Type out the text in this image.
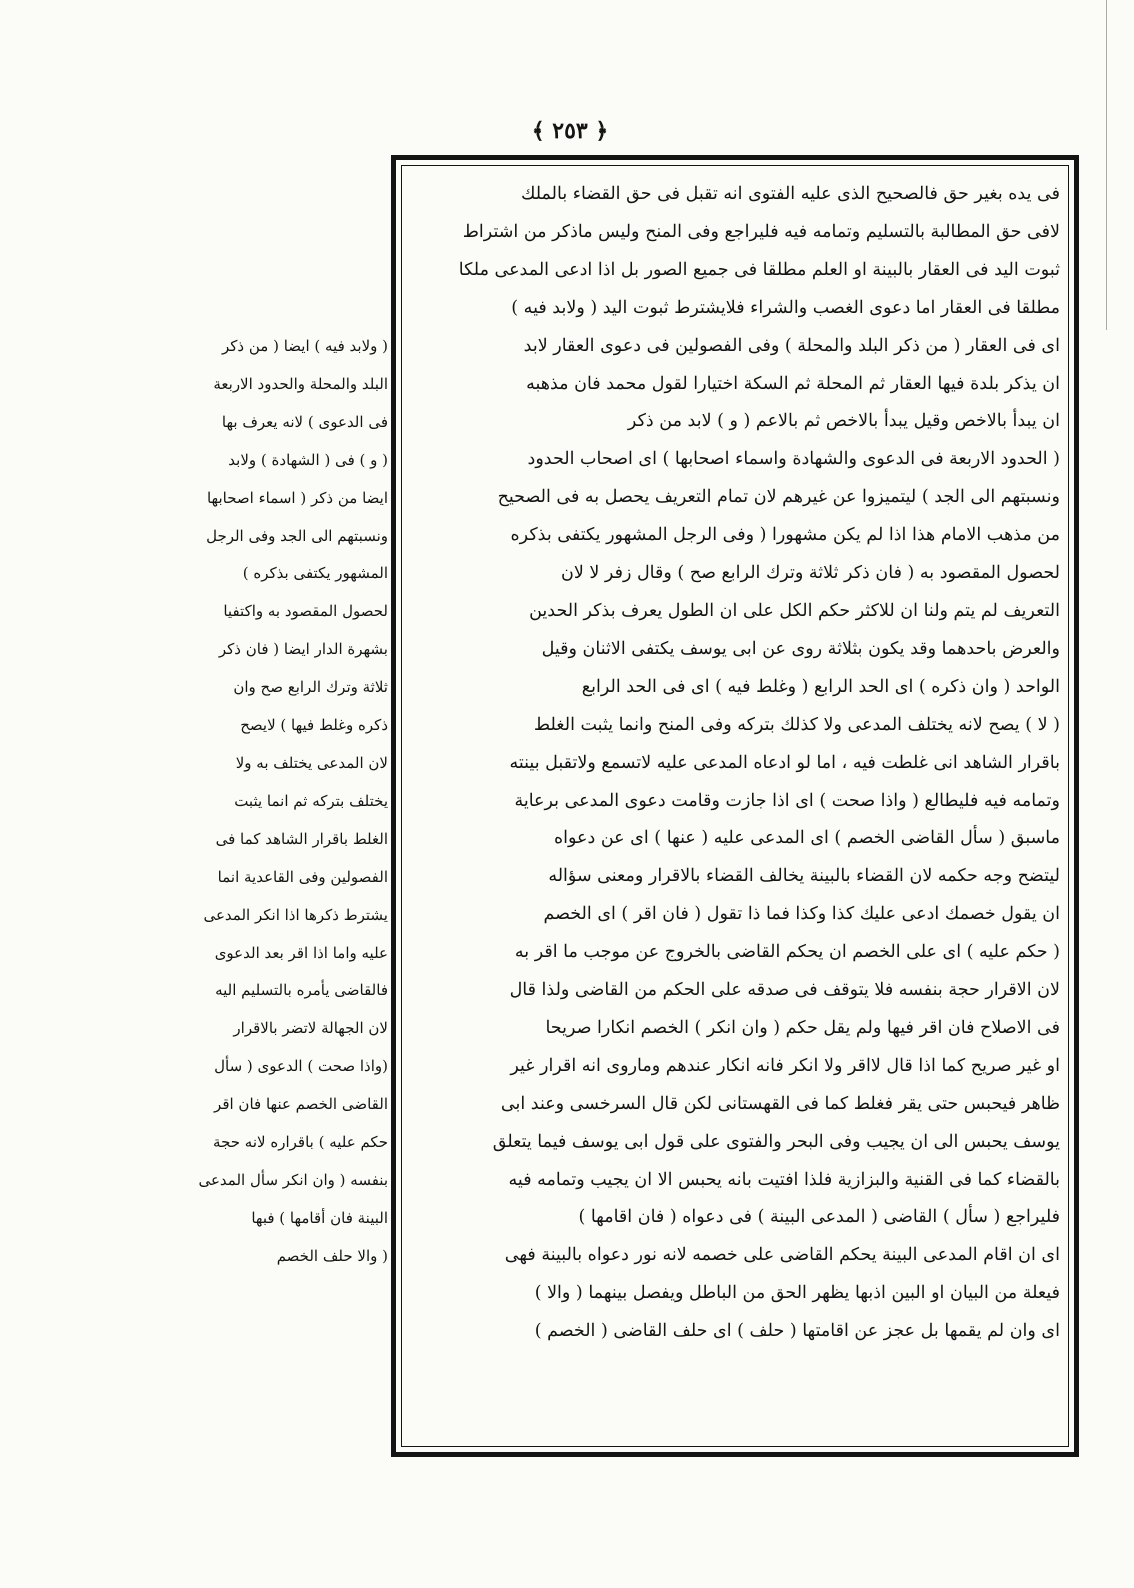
﴾ ٢٥٣ ﴿
فى يده بغير حق فالصحيح الذى عليه الفتوى انه تقبل فى حق القضاء بالملك
لافى حق المطالبة بالتسليم وتمامه فيه فليراجع وفى المنح وليس ماذكر من اشتراط
ثبوت اليد فى العقار بالبينة او العلم مطلقا فى جميع الصور بل اذا ادعى المدعى ملكا
مطلقا فى العقار اما دعوى الغصب والشراء فلايشترط ثبوت اليد ( ولابد فيه )
اى فى العقار ( من ذكر البلد والمحلة ) وفى الفصولين فى دعوى العقار لابد
ان يذكر بلدة فيها العقار ثم المحلة ثم السكة اختيارا لقول محمد فان مذهبه
ان يبدأ بالاخص وقيل يبدأ بالاخص ثم بالاعم ( و ) لابد من ذكر
( الحدود الاربعة فى الدعوى والشهادة واسماء اصحابها ) اى اصحاب الحدود
ونسبتهم الى الجد ) ليتميزوا عن غيرهم لان تمام التعريف يحصل به فى الصحيح
من مذهب الامام هذا اذا لم يكن مشهورا ( وفى الرجل المشهور يكتفى بذكره
لحصول المقصود به ( فان ذكر ثلاثة وترك الرابع صح ) وقال زفر لا لان
التعريف لم يتم ولنا ان للاكثر حكم الكل على ان الطول يعرف بذكر الحدين
والعرض باحدهما وقد يكون بثلاثة روى عن ابى يوسف يكتفى الاثنان وقيل
الواحد ( وان ذكره ) اى الحد الرابع ( وغلط فيه ) اى فى الحد الرابع
( لا ) يصح لانه يختلف المدعى ولا كذلك بتركه وفى المنح وانما يثبت الغلط
باقرار الشاهد انى غلطت فيه ، اما لو ادعاه المدعى عليه لاتسمع ولاتقبل بينته
وتمامه فيه فليطالع ( واذا صحت ) اى اذا جازت وقامت دعوى المدعى برعاية
ماسبق ( سأل القاضى الخصم ) اى المدعى عليه ( عنها ) اى عن دعواه
ليتضح وجه حكمه لان القضاء بالبينة يخالف القضاء بالاقرار ومعنى سؤاله
ان يقول خصمك ادعى عليك كذا وكذا فما ذا تقول ( فان اقر ) اى الخصم
( حكم عليه ) اى على الخصم ان يحكم القاضى بالخروج عن موجب ما اقر به
لان الاقرار حجة بنفسه فلا يتوقف فى صدقه على الحكم من القاضى ولذا قال
فى الاصلاح فان اقر فيها ولم يقل حكم ( وان انكر ) الخصم انكارا صريحا
او غير صريح كما اذا قال لااقر ولا انكر فانه انكار عندهم وماروى انه اقرار غير
ظاهر فيحبس حتى يقر فغلط كما فى القهستانى لكن قال السرخسى وعند ابى
يوسف يحبس الى ان يجيب وفى البحر والفتوى على قول ابى يوسف فيما يتعلق
بالقضاء كما فى القنية والبزازية فلذا افتيت بانه يحبس الا ان يجيب وتمامه فيه
فليراجع ( سأل ) القاضى ( المدعى البينة ) فى دعواه ( فان اقامها )
اى ان اقام المدعى البينة يحكم القاضى على خصمه لانه نور دعواه بالبينة فهى
فيعلة من البيان او البين اذبها يظهر الحق من الباطل ويفصل بينهما ( والا )
اى وان لم يقمها بل عجز عن اقامتها ( حلف ) اى حلف القاضى ( الخصم )
( ولابد فيه ) ايضا ( من ذكر
البلد والمحلة والحدود الاربعة
فى الدعوى ) لانه يعرف بها
( و ) فى ( الشهادة ) ولابد
ايضا من ذكر ( اسماء اصحابها
ونسبتهم الى الجد وفى الرجل
المشهور يكتفى بذكره )
لحصول المقصود به واكتفيا
بشهرة الدار ايضا ( فان ذكر
ثلاثة وترك الرابع صح وان
ذكره وغلط فيها ) لايصح
لان المدعى يختلف به ولا
يختلف بتركه ثم انما يثبت
الغلط باقرار الشاهد كما فى
الفصولين وفى القاعدية انما
يشترط ذكرها اذا انكر المدعى
عليه واما اذا اقر بعد الدعوى
فالقاضى يأمره بالتسليم اليه
لان الجهالة لاتضر بالاقرار
(واذا صحت ) الدعوى ( سأل
القاضى الخصم عنها فان اقر
حكم عليه ) باقراره لانه حجة
بنفسه ( وان انكر سأل المدعى
البينة فان أقامها ) فبها
( والا حلف الخصم
